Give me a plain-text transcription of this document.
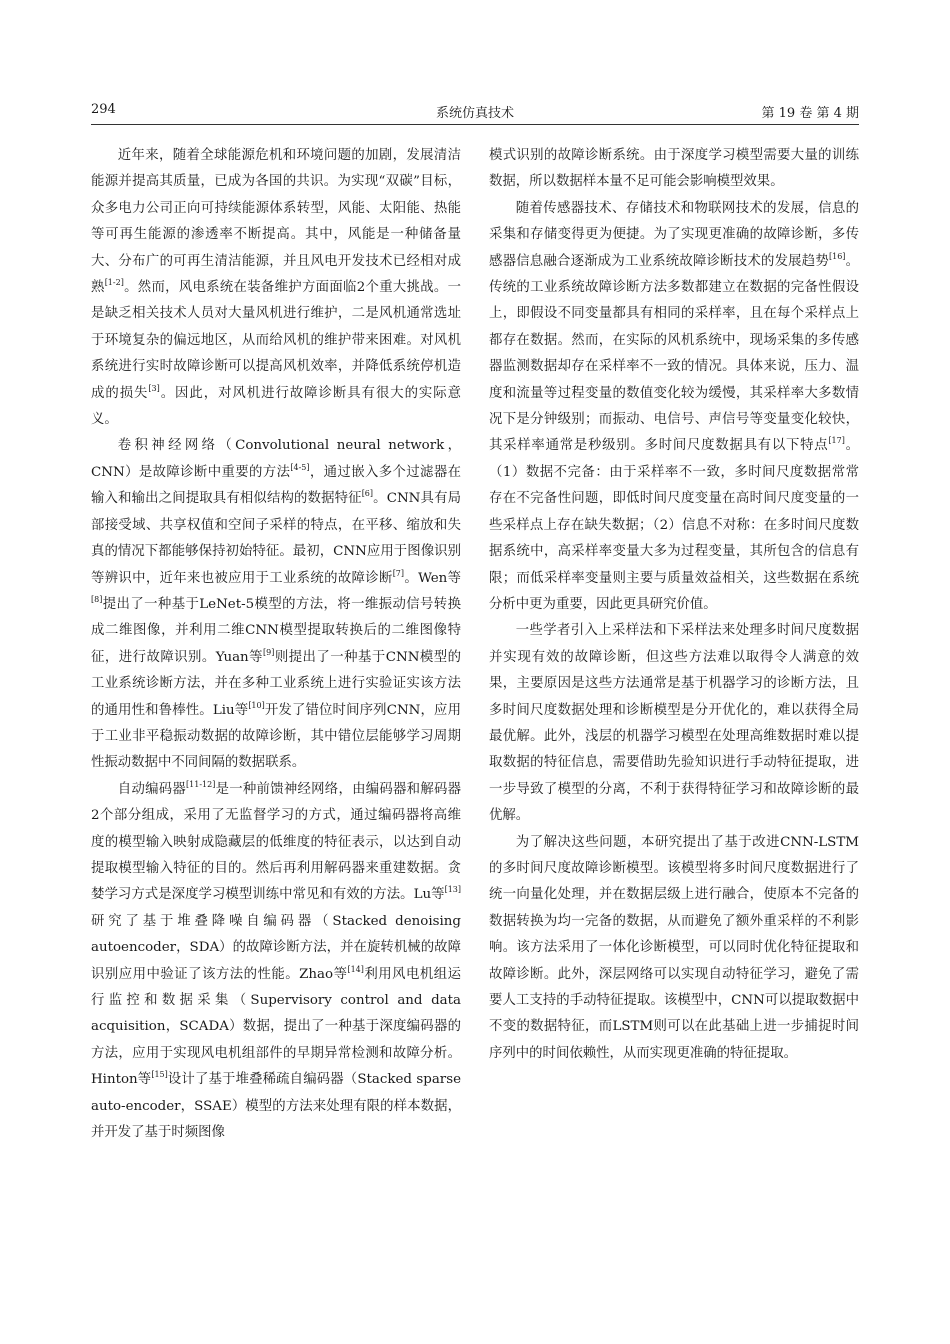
294	系统仿真技术	第 19 卷 第 4 期

近年来，随着全球能源危机和环境问题的加剧，发展清洁能源并提高其质量，已成为各国的共识。为实现“双碳”目标，众多电力公司正向可持续能源体系转型，风能、太阳能、热能等可再生能源的渗透率不断提高。其中，风能是一种储备量大、分布广的可再生清洁能源，并且风电开发技术已经相对成熟[1-2]。然而，风电系统在装备维护方面面临2个重大挑战。一是缺乏相关技术人员对大量风机进行维护，二是风机通常选址于环境复杂的偏远地区，从而给风机的维护带来困难。对风机系统进行实时故障诊断可以提高风机效率，并降低系统停机造成的损失[3]。因此，对风机进行故障诊断具有很大的实际意义。

卷积神经网络（Convolutional neural network，CNN）是故障诊断中重要的方法[4-5]，通过嵌入多个过滤器在输入和输出之间提取具有相似结构的数据特征[6]。CNN具有局部接受域、共享权值和空间子采样的特点，在平移、缩放和失真的情况下都能够保持初始特征。最初，CNN应用于图像识别等辨识中，近年来也被应用于工业系统的故障诊断[7]。Wen等[8]提出了一种基于LeNet-5模型的方法，将一维振动信号转换成二维图像，并利用二维CNN模型提取转换后的二维图像特征，进行故障识别。Yuan等[9]则提出了一种基于CNN模型的工业系统诊断方法，并在多种工业系统上进行实验证实该方法的通用性和鲁棒性。Liu等[10]开发了错位时间序列CNN，应用于工业非平稳振动数据的故障诊断，其中错位层能够学习周期性振动数据中不同间隔的数据联系。

自动编码器[11-12]是一种前馈神经网络，由编码器和解码器2个部分组成，采用了无监督学习的方式，通过编码器将高维度的模型输入映射成隐藏层的低维度的特征表示，以达到自动提取模型输入特征的目的。然后再利用解码器来重建数据。贪婪学习方式是深度学习模型训练中常见和有效的方法。Lu等[13]研究了基于堆叠降噪自编码器（Stacked denoising autoencoder，SDA）的故障诊断方法，并在旋转机械的故障识别应用中验证了该方法的性能。Zhao等[14]利用风电机组运行监控和数据采集（Supervisory control and data acquisition，SCADA）数据，提出了一种基于深度编码器的方法，应用于实现风电机组部件的早期异常检测和故障分析。Hinton等[15]设计了基于堆叠稀疏自编码器（Stacked sparse auto-encoder，SSAE）模型的方法来处理有限的样本数据，并开发了基于时频图像

模式识别的故障诊断系统。由于深度学习模型需要大量的训练数据，所以数据样本量不足可能会影响模型效果。

随着传感器技术、存储技术和物联网技术的发展，信息的采集和存储变得更为便捷。为了实现更准确的故障诊断，多传感器信息融合逐渐成为工业系统故障诊断技术的发展趋势[16]。传统的工业系统故障诊断方法多数都建立在数据的完备性假设上，即假设不同变量都具有相同的采样率，且在每个采样点上都存在数据。然而，在实际的风机系统中，现场采集的多传感器监测数据却存在采样率不一致的情况。具体来说，压力、温度和流量等过程变量的数值变化较为缓慢，其采样率大多数情况下是分钟级别；而振动、电信号、声信号等变量变化较快，其采样率通常是秒级别。多时间尺度数据具有以下特点[17]。（1）数据不完备：由于采样率不一致，多时间尺度数据常常存在不完备性问题，即低时间尺度变量在高时间尺度变量的一些采样点上存在缺失数据；（2）信息不对称：在多时间尺度数据系统中，高采样率变量大多为过程变量，其所包含的信息有限；而低采样率变量则主要与质量效益相关，这些数据在系统分析中更为重要，因此更具研究价值。

一些学者引入上采样法和下采样法来处理多时间尺度数据并实现有效的故障诊断，但这些方法难以取得令人满意的效果，主要原因是这些方法通常是基于机器学习的诊断方法，且多时间尺度数据处理和诊断模型是分开优化的，难以获得全局最优解。此外，浅层的机器学习模型在处理高维数据时难以提取数据的特征信息，需要借助先验知识进行手动特征提取，进一步导致了模型的分离，不利于获得特征学习和故障诊断的最优解。

为了解决这些问题，本研究提出了基于改进CNN-LSTM的多时间尺度故障诊断模型。该模型将多时间尺度数据进行了统一向量化处理，并在数据层级上进行融合，使原本不完备的数据转换为均一完备的数据，从而避免了额外重采样的不利影响。该方法采用了一体化诊断模型，可以同时优化特征提取和故障诊断。此外，深层网络可以实现自动特征学习，避免了需要人工支持的手动特征提取。该模型中，CNN可以提取数据中不变的数据特征，而LSTM则可以在此基础上进一步捕捉时间序列中的时间依赖性，从而实现更准确的特征提取。
